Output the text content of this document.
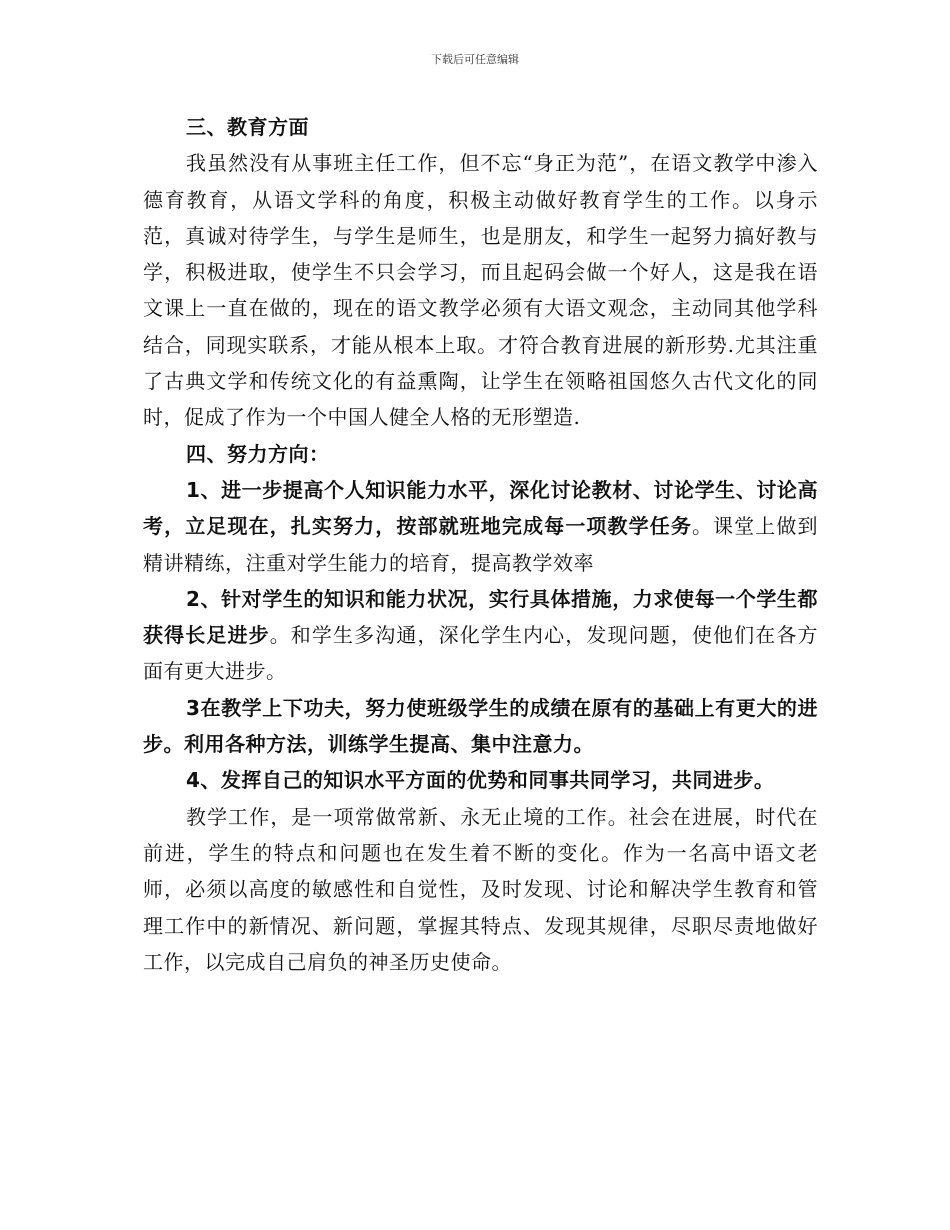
下载后可任意编辑

三、教育方面

我虽然没有从事班主任工作，但不忘“身正为范”，在语文教学中渗入德育教育，从语文学科的角度，积极主动做好教育学生的工作。以身示范，真诚对待学生，与学生是师生，也是朋友，和学生一起努力搞好教与学，积极进取，使学生不只会学习，而且起码会做一个好人，这是我在语文课上一直在做的，现在的语文教学必须有大语文观念，主动同其他学科结合，同现实联系，才能从根本上取。才符合教育进展的新形势.尤其注重了古典文学和传统文化的有益熏陶，让学生在领略祖国悠久古代文化的同时，促成了作为一个中国人健全人格的无形塑造.

四、努力方向：

1、进一步提高个人知识能力水平，深化讨论教材、讨论学生、讨论高考，立足现在，扎实努力，按部就班地完成每一项教学任务。课堂上做到精讲精练，注重对学生能力的培育，提高教学效率

2、针对学生的知识和能力状况，实行具体措施，力求使每一个学生都获得长足进步。和学生多沟通，深化学生内心，发现问题，使他们在各方面有更大进步。

3在教学上下功夫，努力使班级学生的成绩在原有的基础上有更大的进步。利用各种方法，训练学生提高、集中注意力。

4、发挥自己的知识水平方面的优势和同事共同学习，共同进步。

教学工作，是一项常做常新、永无止境的工作。社会在进展，时代在前进，学生的特点和问题也在发生着不断的变化。作为一名高中语文老师，必须以高度的敏感性和自觉性，及时发现、讨论和解决学生教育和管理工作中的新情况、新问题，掌握其特点、发现其规律，尽职尽责地做好工作，以完成自己肩负的神圣历史使命。
